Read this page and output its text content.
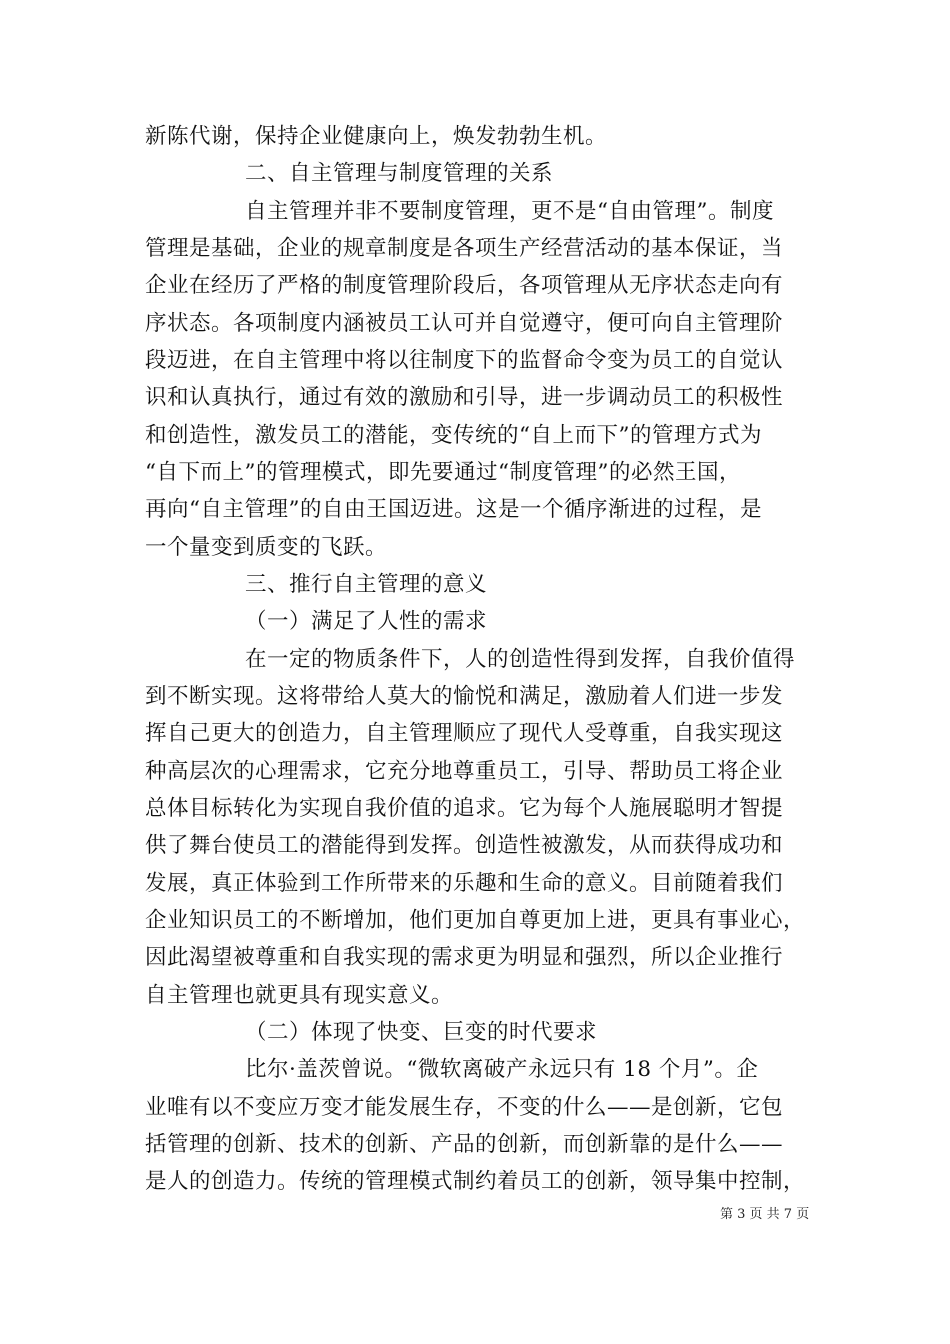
新陈代谢，保持企业健康向上，焕发勃勃生机。
二、自主管理与制度管理的关系
自主管理并非不要制度管理，更不是“自由管理”。制度
管理是基础，企业的规章制度是各项生产经营活动的基本保证，当
企业在经历了严格的制度管理阶段后，各项管理从无序状态走向有
序状态。各项制度内涵被员工认可并自觉遵守，便可向自主管理阶
段迈进，在自主管理中将以往制度下的监督命令变为员工的自觉认
识和认真执行，通过有效的激励和引导，进一步调动员工的积极性
和创造性，激发员工的潜能，变传统的“自上而下”的管理方式为
“自下而上”的管理模式，即先要通过“制度管理”的必然王国，
再向“自主管理”的自由王国迈进。这是一个循序渐进的过程，是
一个量变到质变的飞跃。
三、推行自主管理的意义
（一）满足了人性的需求
在一定的物质条件下，人的创造性得到发挥，自我价值得
到不断实现。这将带给人莫大的愉悦和满足，激励着人们进一步发
挥自己更大的创造力，自主管理顺应了现代人受尊重，自我实现这
种高层次的心理需求，它充分地尊重员工，引导、帮助员工将企业
总体目标转化为实现自我价值的追求。它为每个人施展聪明才智提
供了舞台使员工的潜能得到发挥。创造性被激发，从而获得成功和
发展，真正体验到工作所带来的乐趣和生命的意义。目前随着我们
企业知识员工的不断增加，他们更加自尊更加上进，更具有事业心，
因此渴望被尊重和自我实现的需求更为明显和强烈，所以企业推行
自主管理也就更具有现实意义。
（二）体现了快变、巨变的时代要求
比尔·盖茨曾说。“微软离破产永远只有 18 个月”。企
业唯有以不变应万变才能发展生存，不变的什么——是创新，它包
括管理的创新、技术的创新、产品的创新，而创新靠的是什么——
是人的创造力。传统的管理模式制约着员工的创新，领导集中控制，
第 3 页 共 7 页
